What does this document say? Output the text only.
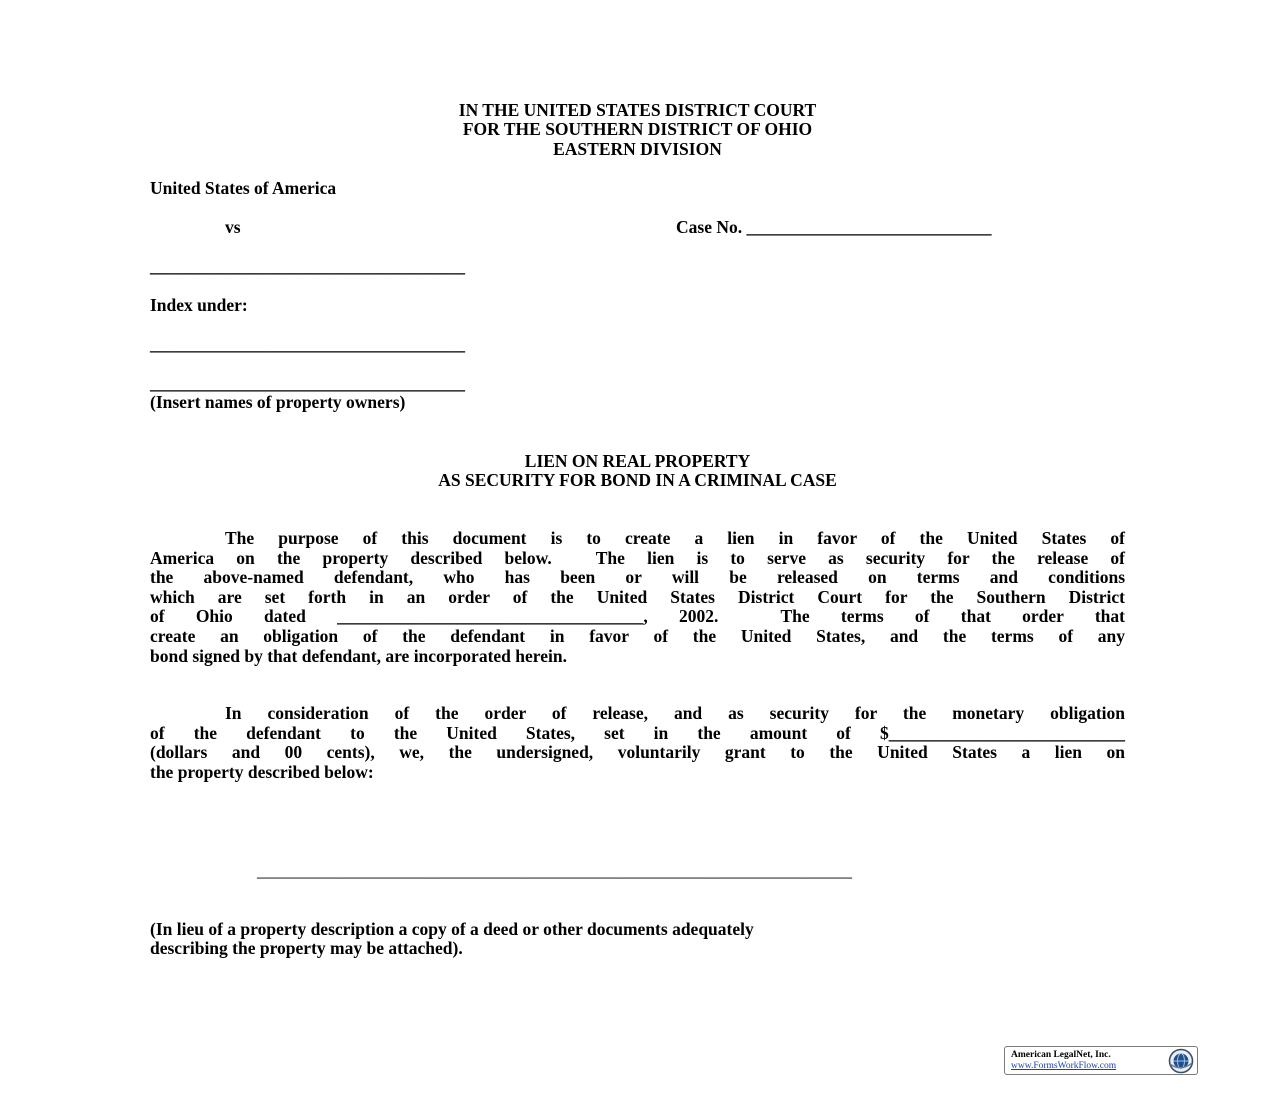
IN THE UNITED STATES DISTRICT COURT
FOR THE SOUTHERN DISTRICT OF OHIO
EASTERN DIVISION
United States of America
vs	Case No. ____________________________
____________________________________
Index under:
____________________________________
____________________________________
(Insert names of property owners)
LIEN ON REAL PROPERTY
AS SECURITY FOR BOND IN A CRIMINAL CASE
The purpose of this document is to create a lien in favor of the United States of
America on the property described below.  The lien is to serve as security for the release of
the above-named defendant, who has been or will be released on terms and conditions
which are set forth in an order of the United States District Court for the Southern District
of Ohio dated ___________________________________, 2002.  The terms of that order that
create an obligation of the defendant in favor of the United States, and the terms of any
bond signed by that defendant, are incorporated herein.
In consideration of the order of release, and as security for the monetary obligation
of the defendant to the United States, set in the amount of $___________________________
(dollars and 00 cents), we, the undersigned, voluntarily grant to the United States a lien on
the property described below:
____________________________________________________________________
(In lieu of a property description a copy of a deed or other documents adequately
describing the property may be attached).
American LegalNet, Inc.
www.FormsWorkFlow.com
